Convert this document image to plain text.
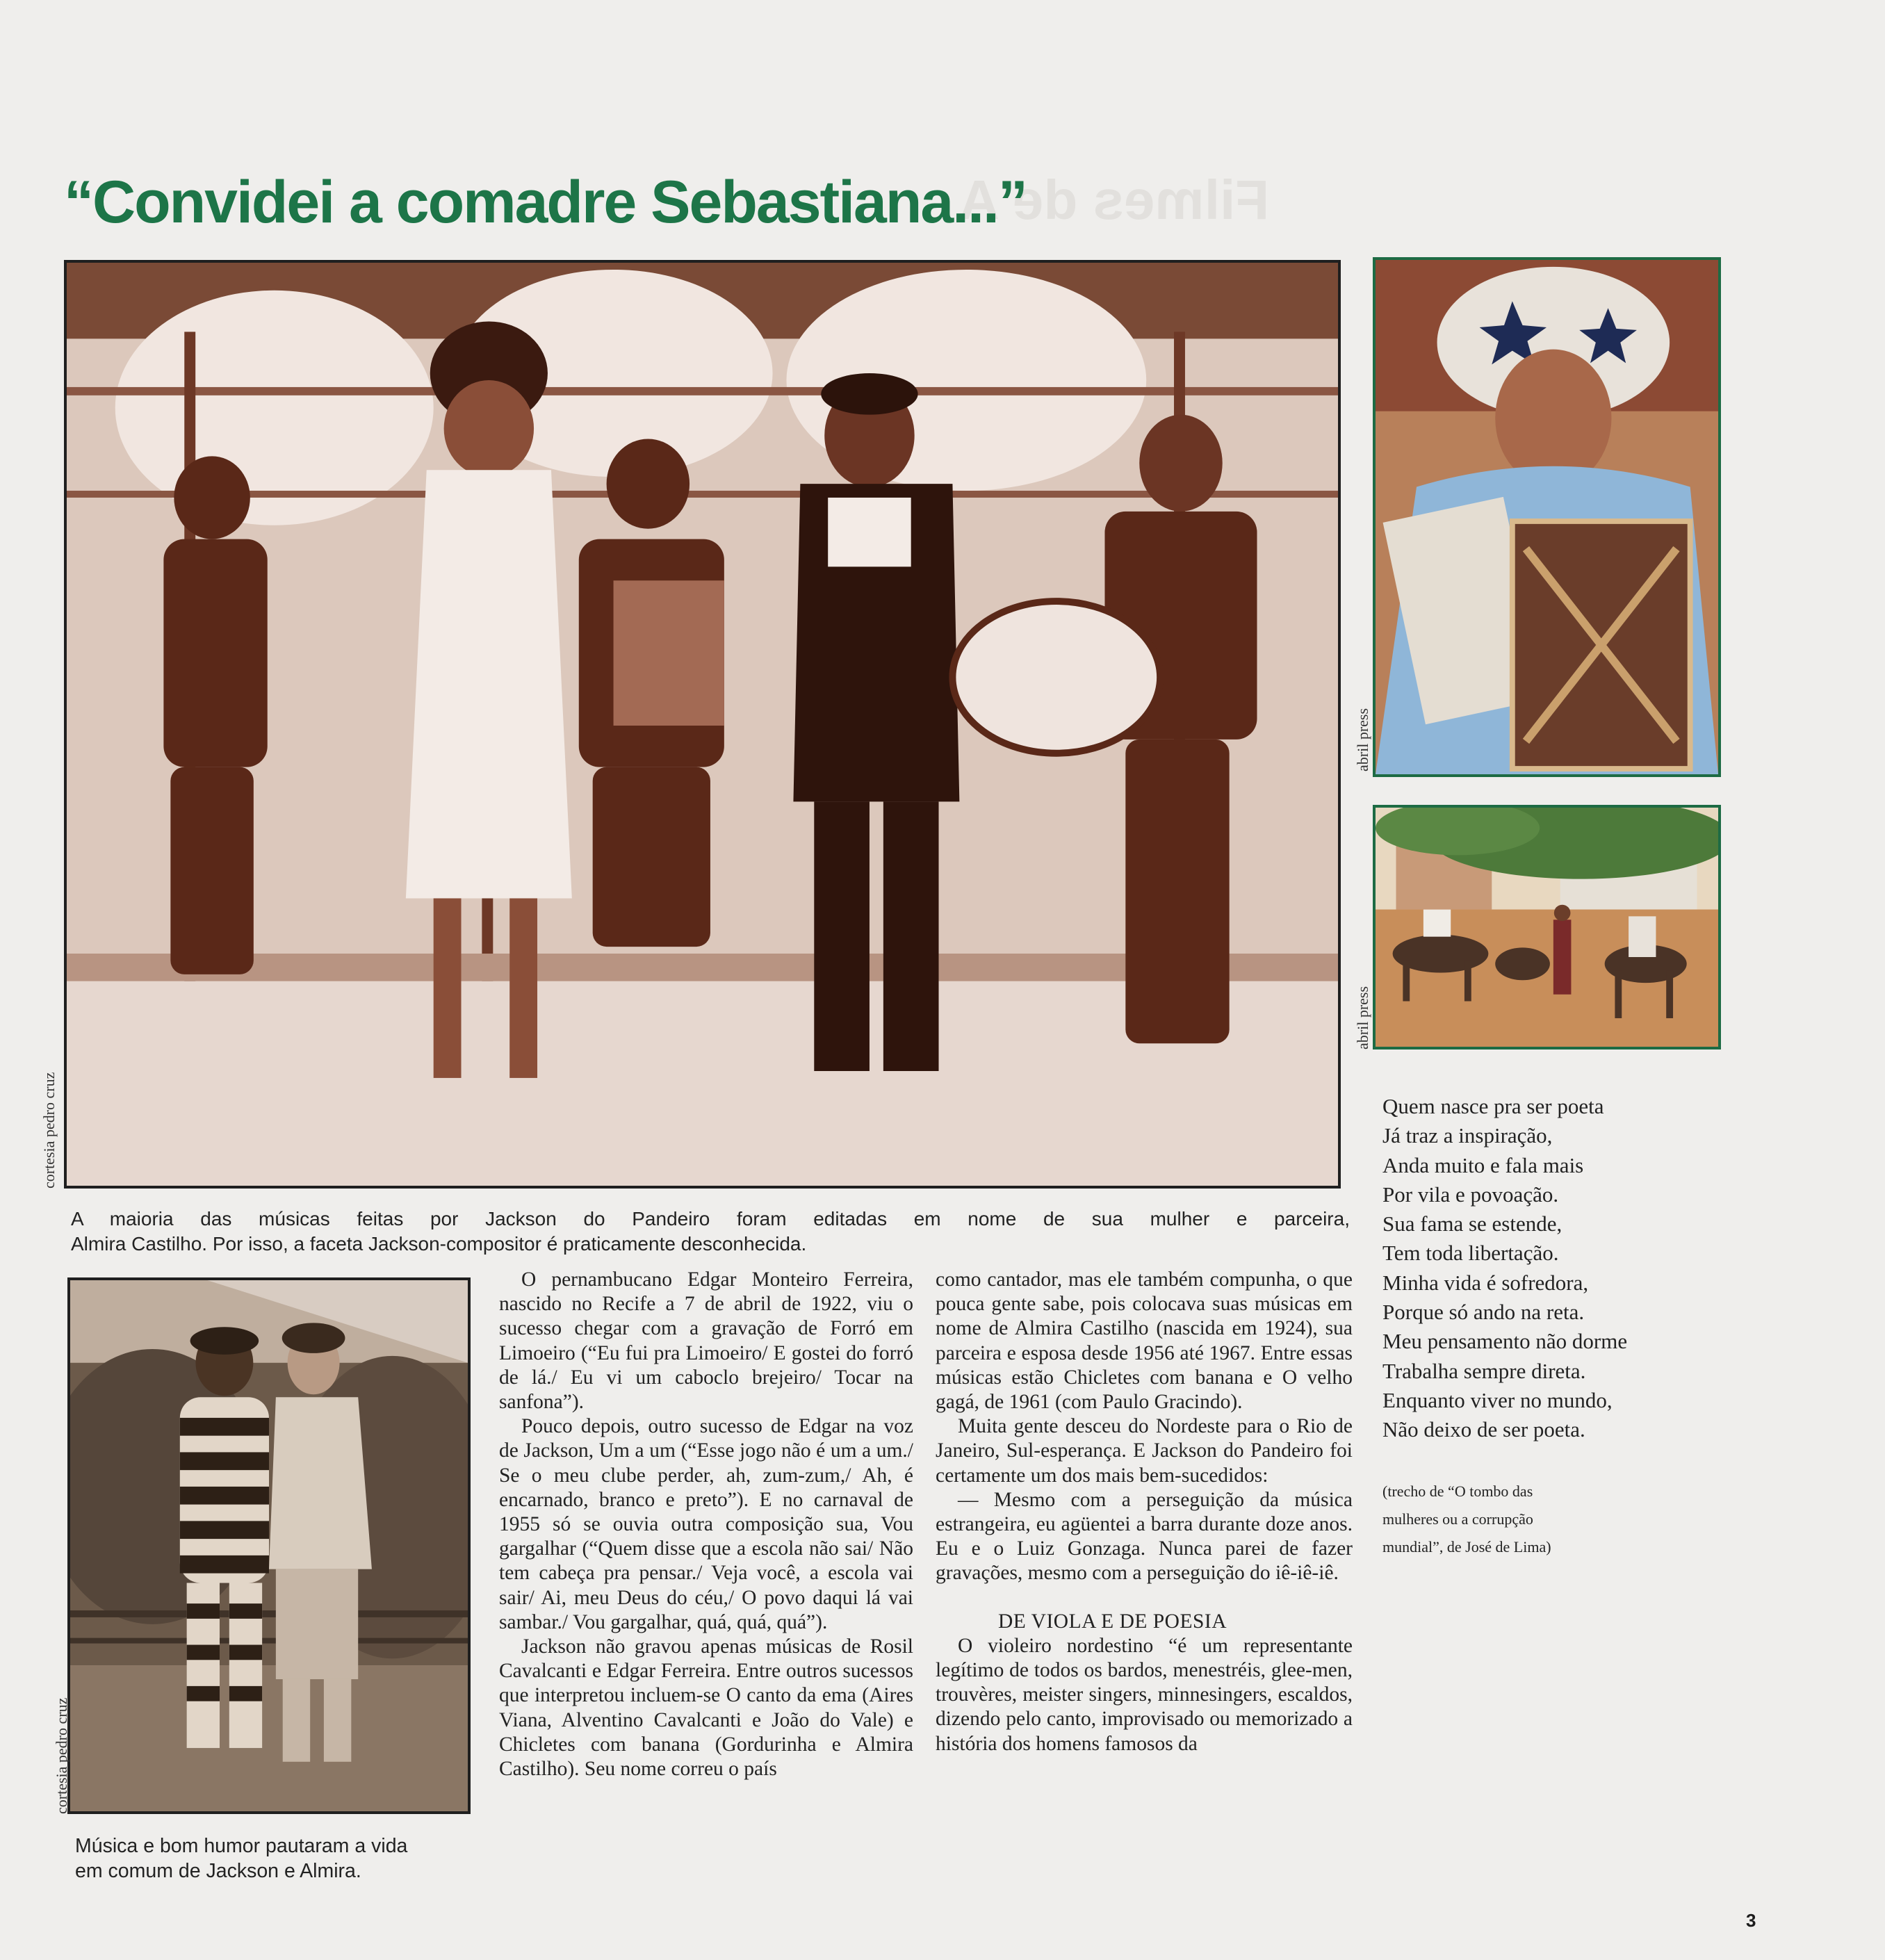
Filmes de A
“Convidei a comadre Sebastiana...”
cortesia pedro cruz
abril press
abril press
A maioria das músicas feitas por Jackson do Pandeiro foram editadas em nome de sua mulher e parceira,
Almira Castilho. Por isso, a faceta Jackson-compositor é praticamente desconhecida.
cortesia pedro cruz
Música e bom humor pautaram a vida
em comum de Jackson e Almira.

O pernambucano Edgar Monteiro Ferreira, nascido no Recife a 7 de abril de 1922, viu o sucesso chegar com a gravação de Forró em Limoeiro (“Eu fui pra Limoeiro/ E gostei do forró de lá./ Eu vi um caboclo brejeiro/ Tocar na sanfona”).

Pouco depois, outro sucesso de Edgar na voz de Jackson, Um a um (“Esse jogo não é um a um./ Se o meu clube perder, ah, zum-zum,/ Ah, é encarnado, branco e preto”). E no carnaval de 1955 só se ouvia outra composição sua, Vou gargalhar (“Quem disse que a escola não sai/ Não tem cabeça pra pensar./ Veja você, a escola vai sair/ Ai, meu Deus do céu,/ O povo daqui lá vai sambar./ Vou gargalhar, quá, quá, quá”).

Jackson não gravou apenas músicas de Rosil Cavalcanti e Edgar Ferreira. Entre outros sucessos que interpretou incluem-se O canto da ema (Aires Viana, Alventino Cavalcanti e João do Vale) e Chicletes com banana (Gordurinha e Almira Castilho). Seu nome correu o país

como cantador, mas ele também compunha, o que pouca gente sabe, pois colocava suas músicas em nome de Almira Castilho (nascida em 1924), sua parceira e esposa desde 1956 até 1967. Entre essas músicas estão Chicletes com banana e O velho gagá, de 1961 (com Paulo Gracindo).

Muita gente desceu do Nordeste para o Rio de Janeiro, Sul-esperança. E Jackson do Pandeiro foi certamente um dos mais bem-sucedidos:

— Mesmo com a perseguição da música estrangeira, eu agüentei a barra durante doze anos. Eu e o Luiz Gonzaga. Nunca parei de fazer gravações, mesmo com a perseguição do iê-iê-iê.

DE VIOLA E DE POESIA

O violeiro nordestino “é um representante legítimo de todos os bardos, menestréis, glee-men, trouvères, meister singers, minnesingers, escaldos, dizendo pelo canto, improvisado ou memorizado a história dos homens famosos da

Quem nasce pra ser poeta
Já traz a inspiração,
Anda muito e fala mais
Por vila e povoação.
Sua fama se estende,
Tem toda libertação.
Minha vida é sofredora,
Porque só ando na reta.
Meu pensamento não dorme
Trabalha sempre direta.
Enquanto viver no mundo,
Não deixo de ser poeta.
(trecho de “O tombo das
mulheres ou a corrupção
mundial”, de José de Lima)
3
